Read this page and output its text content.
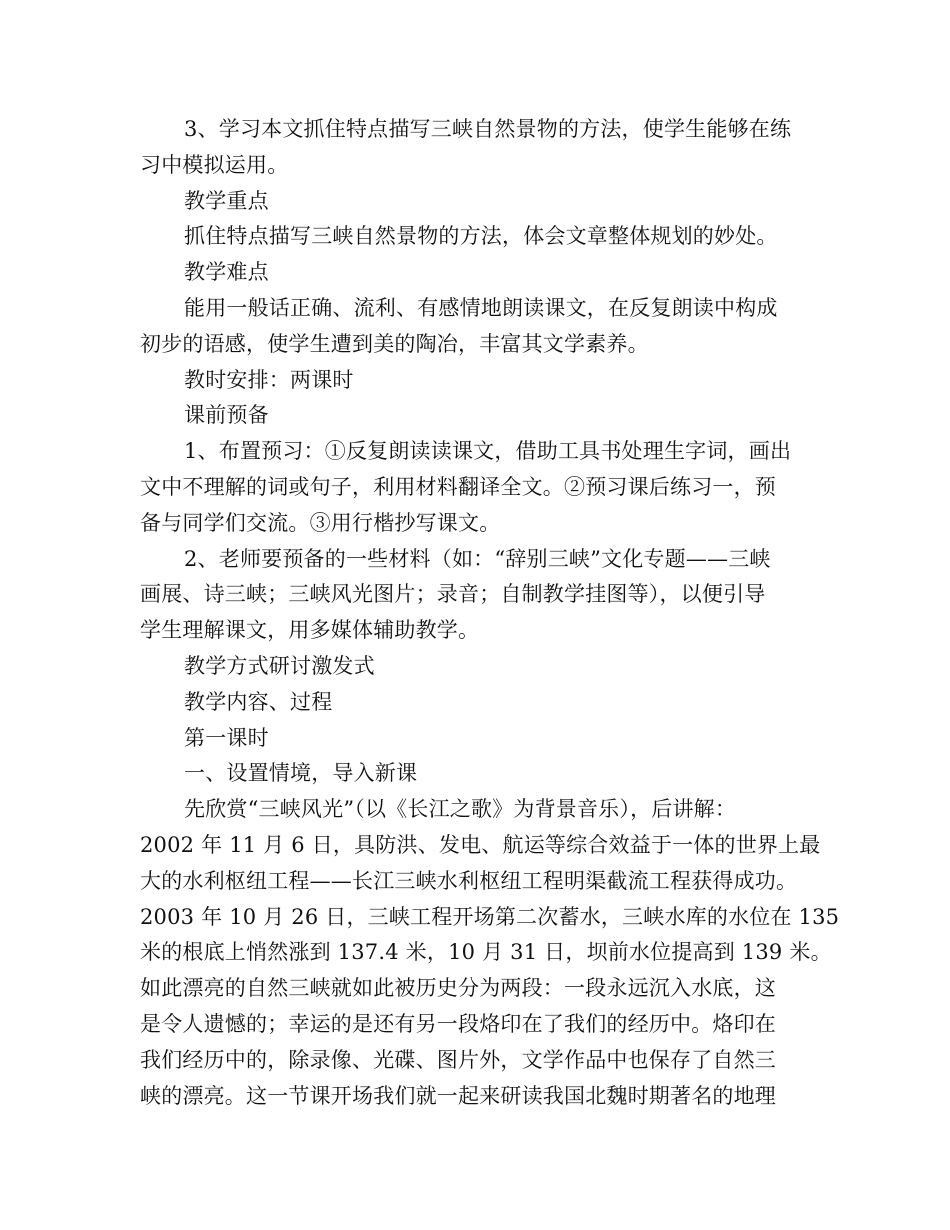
3、学习本文抓住特点描写三峡自然景物的方法，使学生能够在练
习中模拟运用。
教学重点
抓住特点描写三峡自然景物的方法，体会文章整体规划的妙处。
教学难点
能用一般话正确、流利、有感情地朗读课文，在反复朗读中构成
初步的语感，使学生遭到美的陶冶，丰富其文学素养。
教时安排：两课时
课前预备
1、布置预习：①反复朗读读课文，借助工具书处理生字词，画出
文中不理解的词或句子，利用材料翻译全文。②预习课后练习一，预
备与同学们交流。③用行楷抄写课文。
2、老师要预备的一些材料（如：“辞别三峡”文化专题——三峡
画展、诗三峡；三峡风光图片；录音；自制教学挂图等），以便引导
学生理解课文，用多媒体辅助教学。
教学方式研讨激发式
教学内容、过程
第一课时
一、设置情境，导入新课
先欣赏“三峡风光”（以《长江之歌》为背景音乐），后讲解：
2002 年 11 月 6 日，具防洪、发电、航运等综合效益于一体的世界上最
大的水利枢纽工程——长江三峡水利枢纽工程明渠截流工程获得成功。
2003 年 10 月 26 日，三峡工程开场第二次蓄水，三峡水库的水位在 135
米的根底上悄然涨到 137.4 米，10 月 31 日，坝前水位提高到 139 米。
如此漂亮的自然三峡就如此被历史分为两段：一段永远沉入水底，这
是令人遗憾的；幸运的是还有另一段烙印在了我们的经历中。烙印在
我们经历中的，除录像、光碟、图片外，文学作品中也保存了自然三
峡的漂亮。这一节课开场我们就一起来研读我国北魏时期著名的地理
